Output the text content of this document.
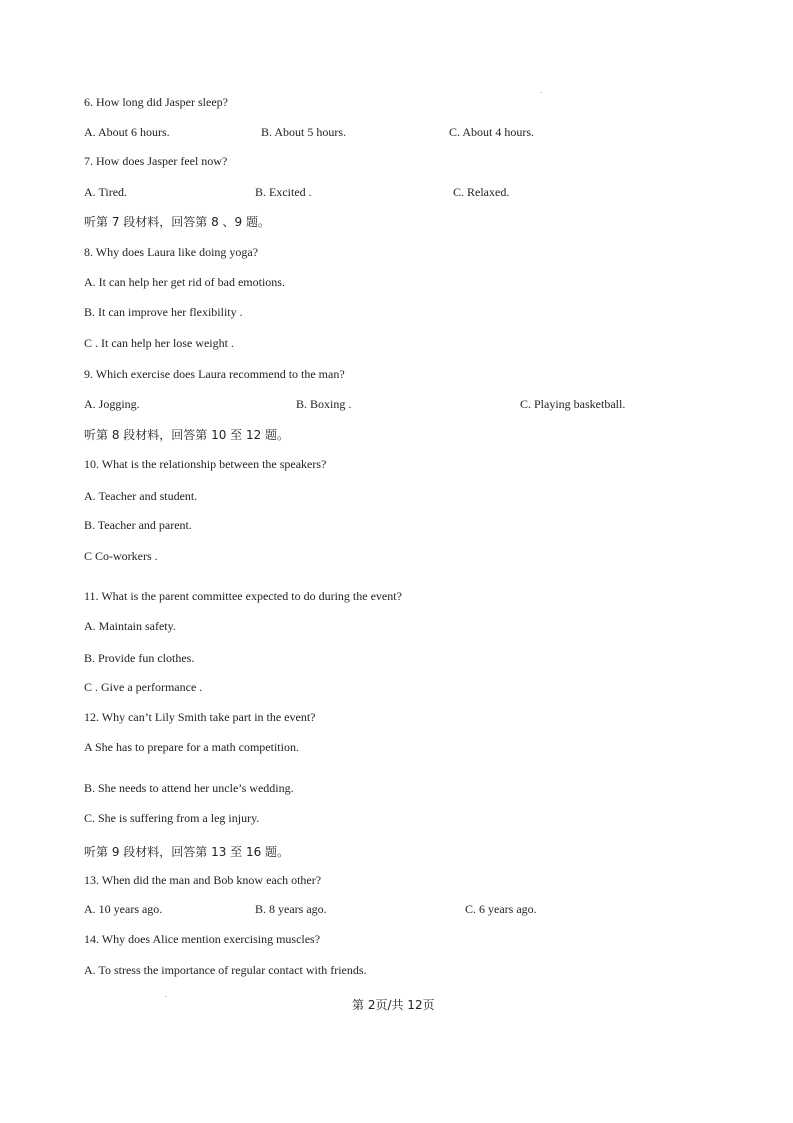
.
6. How long did Jasper sleep?
A. About 6 hours.	B. About 5 hours.	C. About 4 hours.
7. How does Jasper feel now?
A. Tired.	B. Excited .	C. Relaxed.
听第 7 段材料，回答第 8 、9 题。
8. Why does Laura like doing yoga?
A. It can help her get rid of bad emotions.
B. It can improve her flexibility .
C . It can help her lose weight .
9. Which exercise does Laura recommend to the man?
A. Jogging.	B. Boxing .	C. Playing basketball.
听第 8 段材料，回答第 10 至 12 题。
10. What is the relationship between the speakers?
A. Teacher and student.
B. Teacher and parent.
C Co-workers .
11. What is the parent committee expected to do during the event?
A. Maintain safety.
B. Provide fun clothes.
C . Give a performance .
12. Why can’t Lily Smith take part in the event?
A She has to prepare for a math competition.
B. She needs to attend her uncle’s wedding.
C. She is suffering from a leg injury.
听第 9 段材料，回答第 13 至 16 题。
13. When did the man and Bob know each other?
A. 10 years ago.	B. 8 years ago.	C. 6 years ago.
14. Why does Alice mention exercising muscles?
A. To stress the importance of regular contact with friends.
.
第 2页/共 12页
